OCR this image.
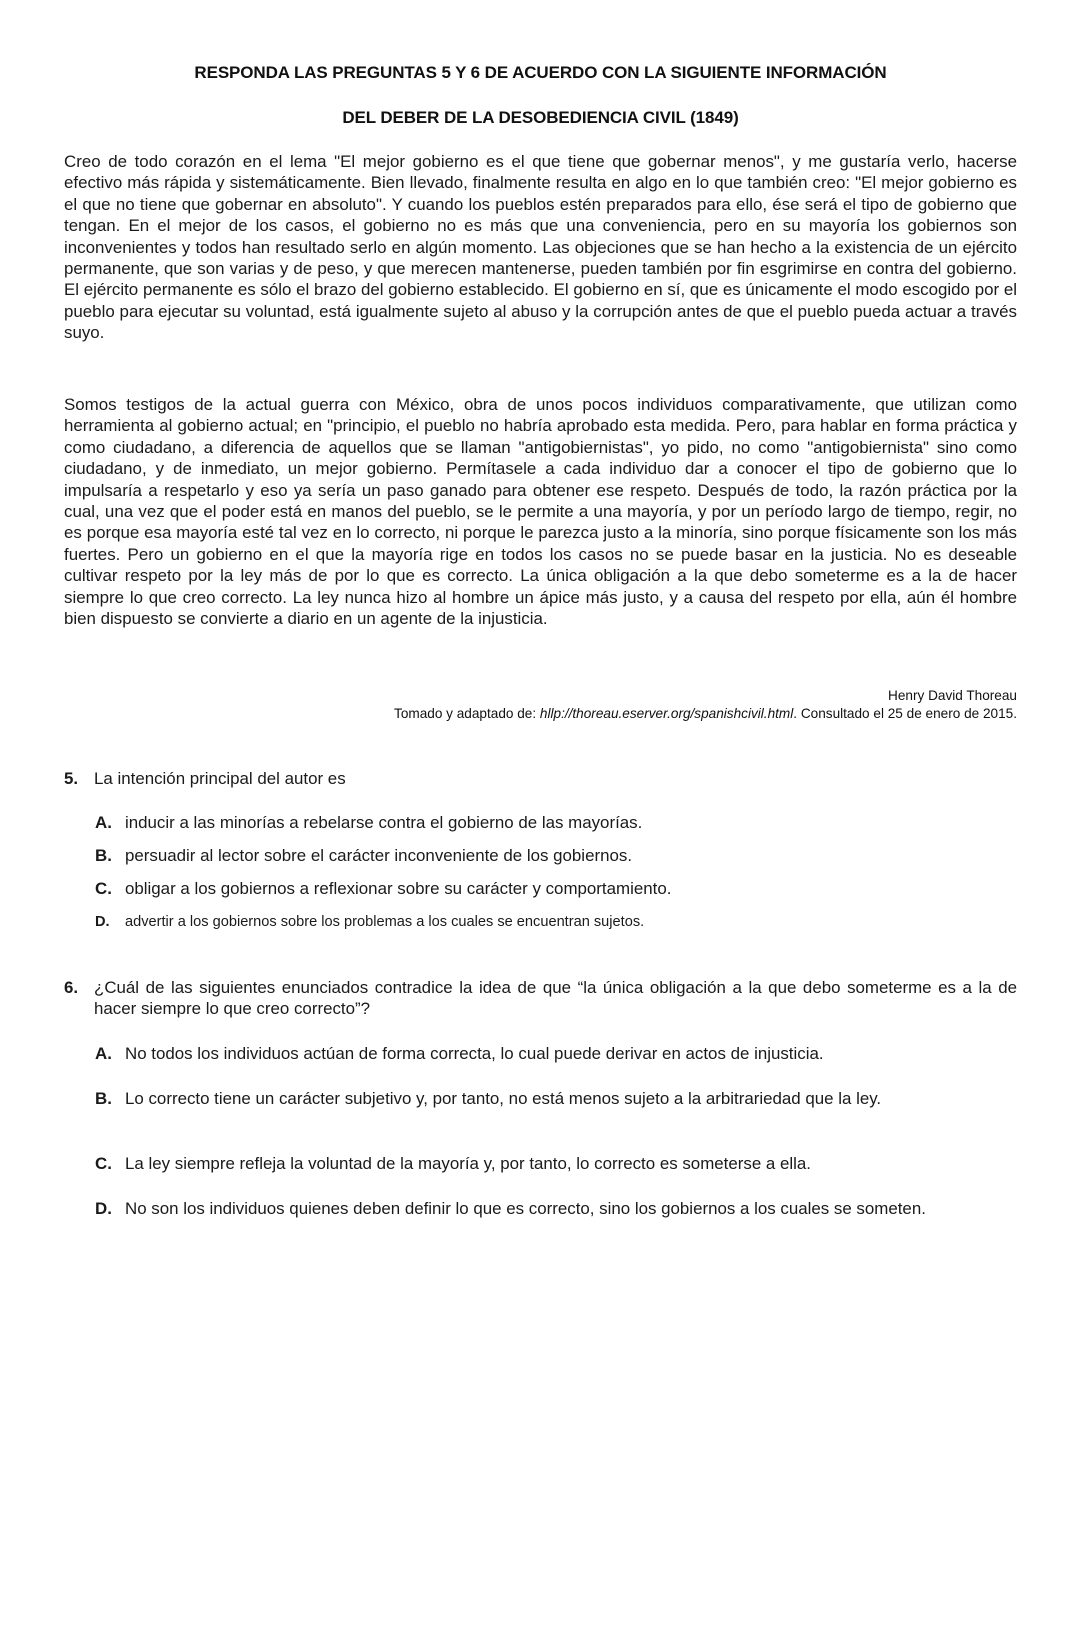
RESPONDA LAS PREGUNTAS 5 Y 6 DE ACUERDO CON LA SIGUIENTE INFORMACIÓN
DEL DEBER DE LA DESOBEDIENCIA CIVIL (1849)

Creo de todo corazón en el lema "El mejor gobierno es el que tiene que gobernar menos", y me gustaría verlo, hacerse efectivo más rápida y sistemáticamente. Bien llevado, finalmente resulta en algo en lo que también creo: "El mejor gobierno es el que no tiene que gobernar en absoluto". Y cuando los pueblos estén preparados para ello, ése será el tipo de gobierno que tengan. En el mejor de los casos, el gobierno no es más que una conveniencia, pero en su mayoría los gobiernos son inconvenientes y todos han resultado serlo en algún momento. Las objeciones que se han hecho a la existencia de un ejército permanente, que son varias y de peso, y que merecen mantenerse, pueden también por fin esgrimirse en contra del gobierno. El ejército permanente es sólo el brazo del gobierno establecido. El gobierno en sí, que es únicamente el modo escogido por el pueblo para ejecutar su voluntad, está igualmente sujeto al abuso y la corrupción antes de que el pueblo pueda actuar a través suyo.

Somos testigos de la actual guerra con México, obra de unos pocos individuos comparativamente, que utilizan como herramienta al gobierno actual; en "principio, el pueblo no habría aprobado esta medida. Pero, para hablar en forma práctica y como ciudadano, a diferencia de aquellos que se llaman "antigobiernistas", yo pido, no como "antigobiernista" sino como ciudadano, y de inmediato, un mejor gobierno. Permítasele a cada individuo dar a conocer el tipo de gobierno que lo impulsaría a respetarlo y eso ya sería un paso ganado para obtener ese respeto. Después de todo, la razón práctica por la cual, una vez que el poder está en manos del pueblo, se le permite a una mayoría, y por un período largo de tiempo, regir, no es porque esa mayoría esté tal vez en lo correcto, ni porque le parezca justo a la minoría, sino porque físicamente son los más fuertes. Pero un gobierno en el que la mayoría rige en todos los casos no se puede basar en la justicia. No es deseable cultivar respeto por la ley más de por lo que es correcto. La única obligación a la que debo someterme es a la de hacer siempre lo que creo correcto. La ley nunca hizo al hombre un ápice más justo, y a causa del respeto por ella, aún él hombre bien dispuesto se convierte a diario en un agente de la injusticia.

Henry David Thoreau
Tomado y adaptado de: hllp://thoreau.eserver.org/spanishcivil.html. Consultado el 25 de enero de 2015.
5. La intención principal del autor es
A. inducir a las minorías a rebelarse contra el gobierno de las mayorías.
B. persuadir al lector sobre el carácter inconveniente de los gobiernos.
C. obligar a los gobiernos a reflexionar sobre su carácter y comportamiento.
D.	advertir a los gobiernos sobre los problemas a los cuales se encuentran sujetos.
6. ¿Cuál de las siguientes enunciados contradice la idea de que “la única obligación a la que debo someterme es a la de hacer siempre lo que creo correcto”?
A. No todos los individuos actúan de forma correcta, lo cual puede derivar en actos de injusticia.
B. Lo correcto tiene un carácter subjetivo y, por tanto, no está menos sujeto a la arbitrariedad que la ley.
C. La ley siempre refleja la voluntad de la mayoría y, por tanto, lo correcto es someterse a ella.
D. No son los individuos quienes deben definir lo que es correcto, sino los gobiernos a los cuales se someten.
